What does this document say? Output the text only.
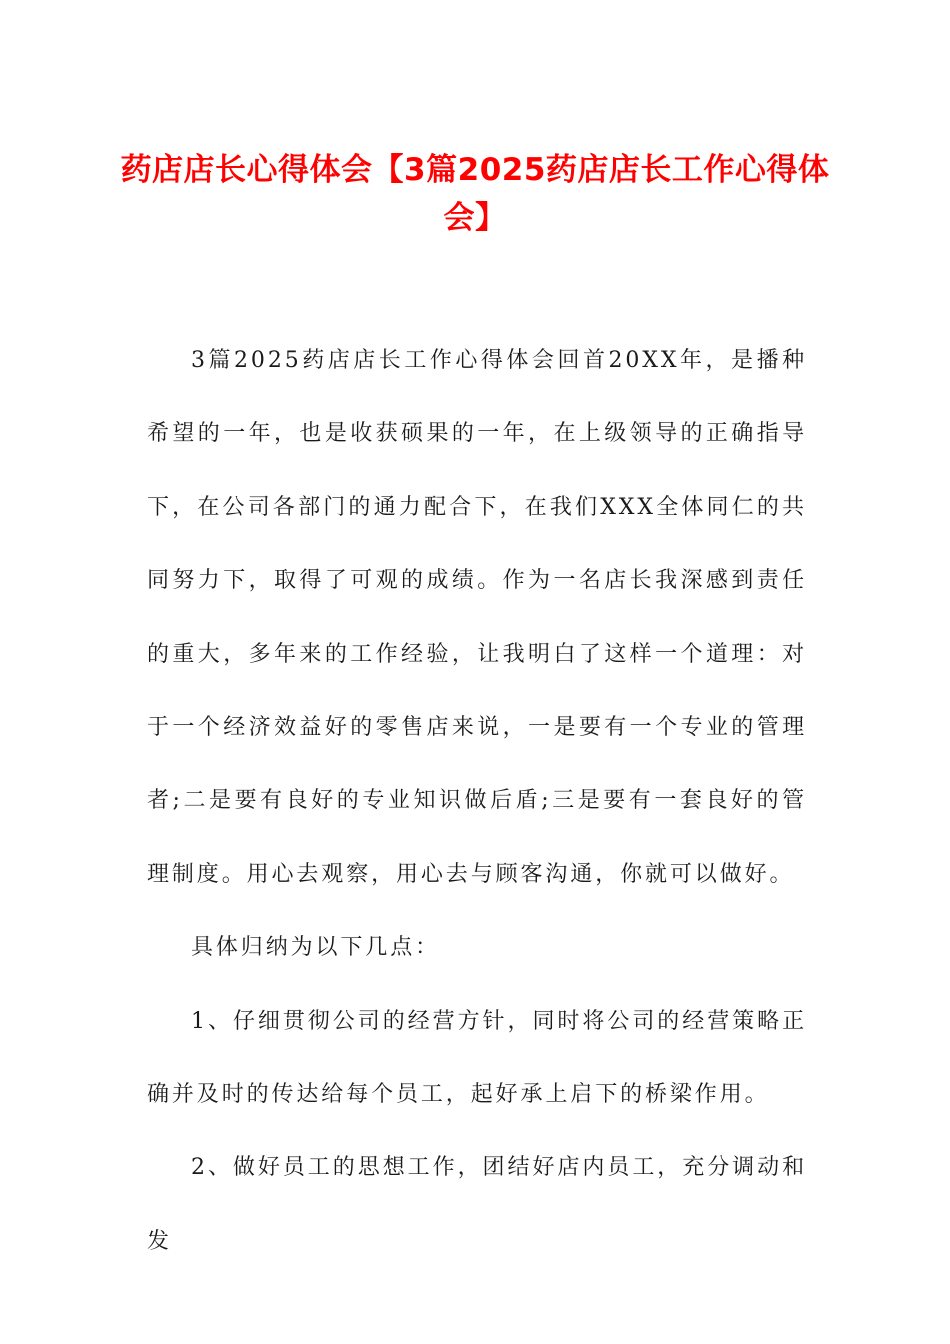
药店店长心得体会【3篇2025药店店长工作心得体会】

3篇2025药店店长工作心得体会回首20XX年，是播种希望的一年，也是收获硕果的一年，在上级领导的正确指导下，在公司各部门的通力配合下，在我们XXX全体同仁的共同努力下，取得了可观的成绩。作为一名店长我深感到责任的重大，多年来的工作经验，让我明白了这样一个道理：对于一个经济效益好的零售店来说，一是要有一个专业的管理者;二是要有良好的专业知识做后盾;三是要有一套良好的管理制度。用心去观察，用心去与顾客沟通，你就可以做好。

具体归纳为以下几点：

1、仔细贯彻公司的经营方针，同时将公司的经营策略正确并及时的传达给每个员工，起好承上启下的桥梁作用。

2、做好员工的思想工作，团结好店内员工，充分调动和发
